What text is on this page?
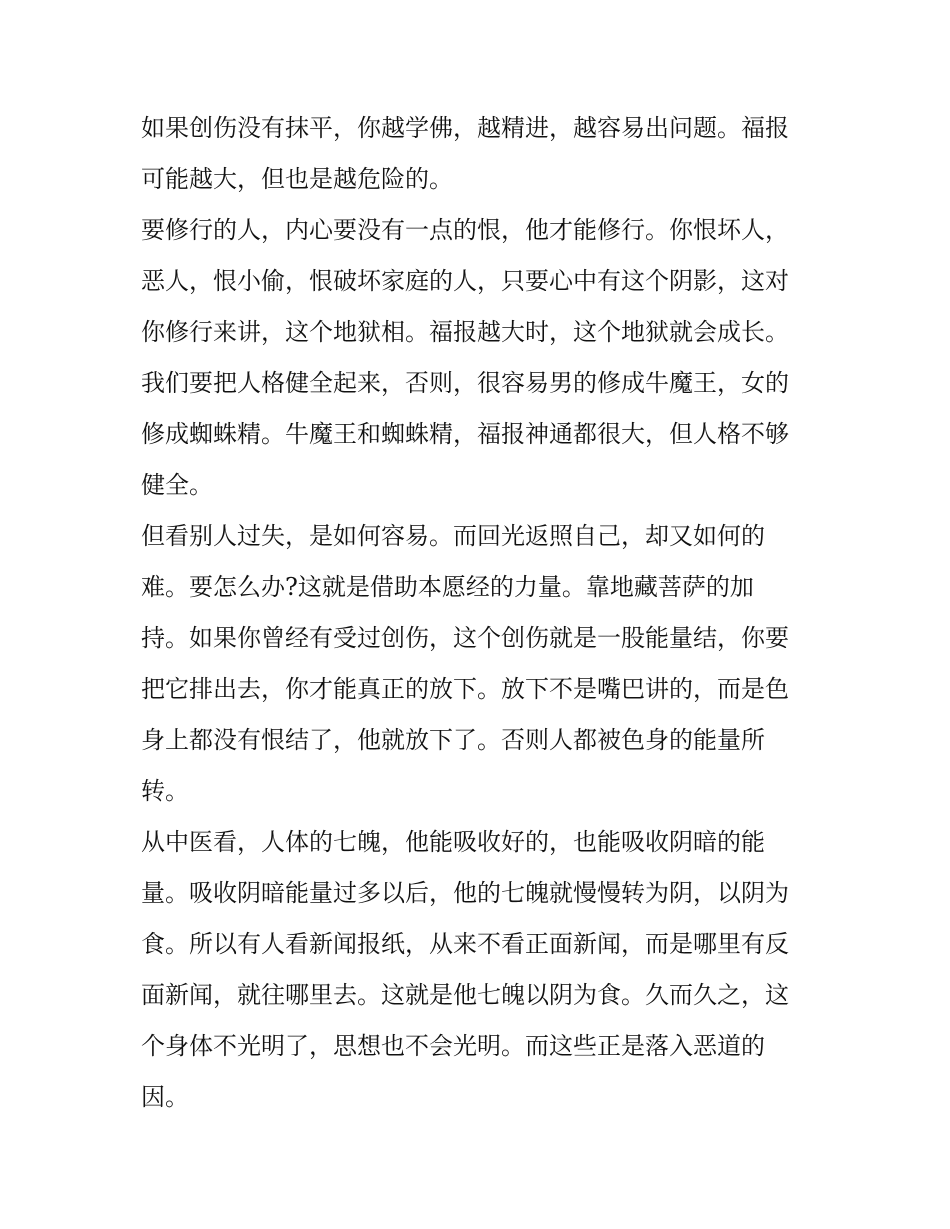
如果创伤没有抹平，你越学佛，越精进，越容易出问题。福报
可能越大，但也是越危险的。
要修行的人，内心要没有一点的恨，他才能修行。你恨坏人，
恶人，恨小偷，恨破坏家庭的人，只要心中有这个阴影，这对
你修行来讲，这个地狱相。福报越大时，这个地狱就会成长。
我们要把人格健全起来，否则，很容易男的修成牛魔王，女的
修成蜘蛛精。牛魔王和蜘蛛精，福报神通都很大，但人格不够
健全。
但看别人过失，是如何容易。而回光返照自己，却又如何的
难。要怎么办?这就是借助本愿经的力量。靠地藏菩萨的加
持。如果你曾经有受过创伤，这个创伤就是一股能量结，你要
把它排出去，你才能真正的放下。放下不是嘴巴讲的，而是色
身上都没有恨结了，他就放下了。否则人都被色身的能量所
转。
从中医看，人体的七魄，他能吸收好的，也能吸收阴暗的能
量。吸收阴暗能量过多以后，他的七魄就慢慢转为阴，以阴为
食。所以有人看新闻报纸，从来不看正面新闻，而是哪里有反
面新闻，就往哪里去。这就是他七魄以阴为食。久而久之，这
个身体不光明了，思想也不会光明。而这些正是落入恶道的
因。
